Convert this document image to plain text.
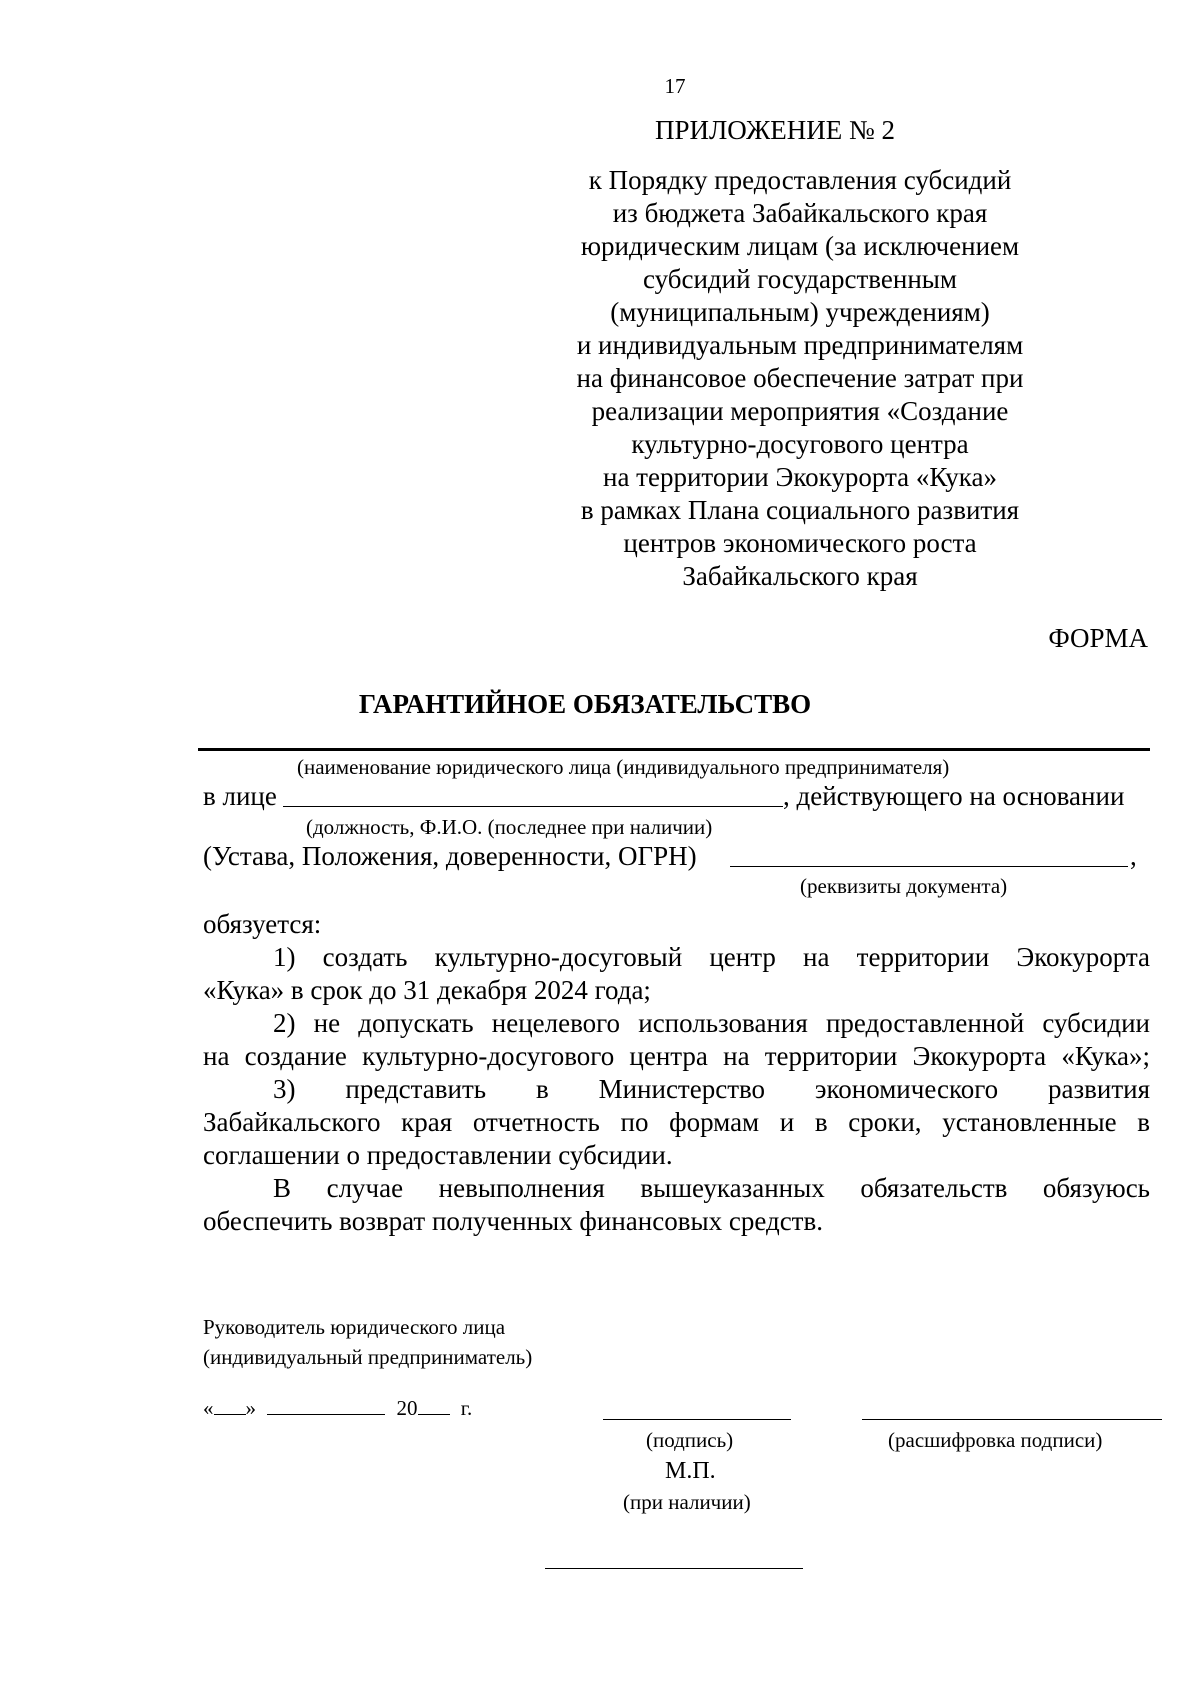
17
ПРИЛОЖЕНИЕ № 2
к Порядку предоставления субсидий
из бюджета Забайкальского края
юридическим лицам (за исключением
субсидий государственным
(муниципальным) учреждениям)
и индивидуальным предпринимателям
на финансовое обеспечение затрат при
реализации мероприятия «Создание
культурно-досугового центра
на территории Экокурорта «Кука»
в рамках Плана социального развития
центров экономического роста
Забайкальского края
ФОРМА
ГАРАНТИЙНОЕ ОБЯЗАТЕЛЬСТВО
(наименование юридического лица (индивидуального предпринимателя)
в лице	, действующего на основании
(должность, Ф.И.О. (последнее при наличии)
(Устава, Положения, доверенности, ОГРН)	,
(реквизиты документа)

обязуется:

1) создать культурно-досуговый центр на территории Экокурорта

«Кука» в срок до 31 декабря 2024 года;

2) не допускать нецелевого использования предоставленной субсидии

на создание культурно-досугового центра на территории Экокурорта «Кука»;

3) представить в Министерство экономического развития

Забайкальского края отчетность по формам и в сроки, установленные в

соглашении о предоставлении субсидии.

В случае невыполнения вышеуказанных обязательств обязуюсь

обеспечить возврат полученных финансовых средств.

Руководитель юридического лица
(индивидуальный предприниматель)
« »	20 г.
(подпись)	(расшифровка подписи)
М.П.
(при наличии)
